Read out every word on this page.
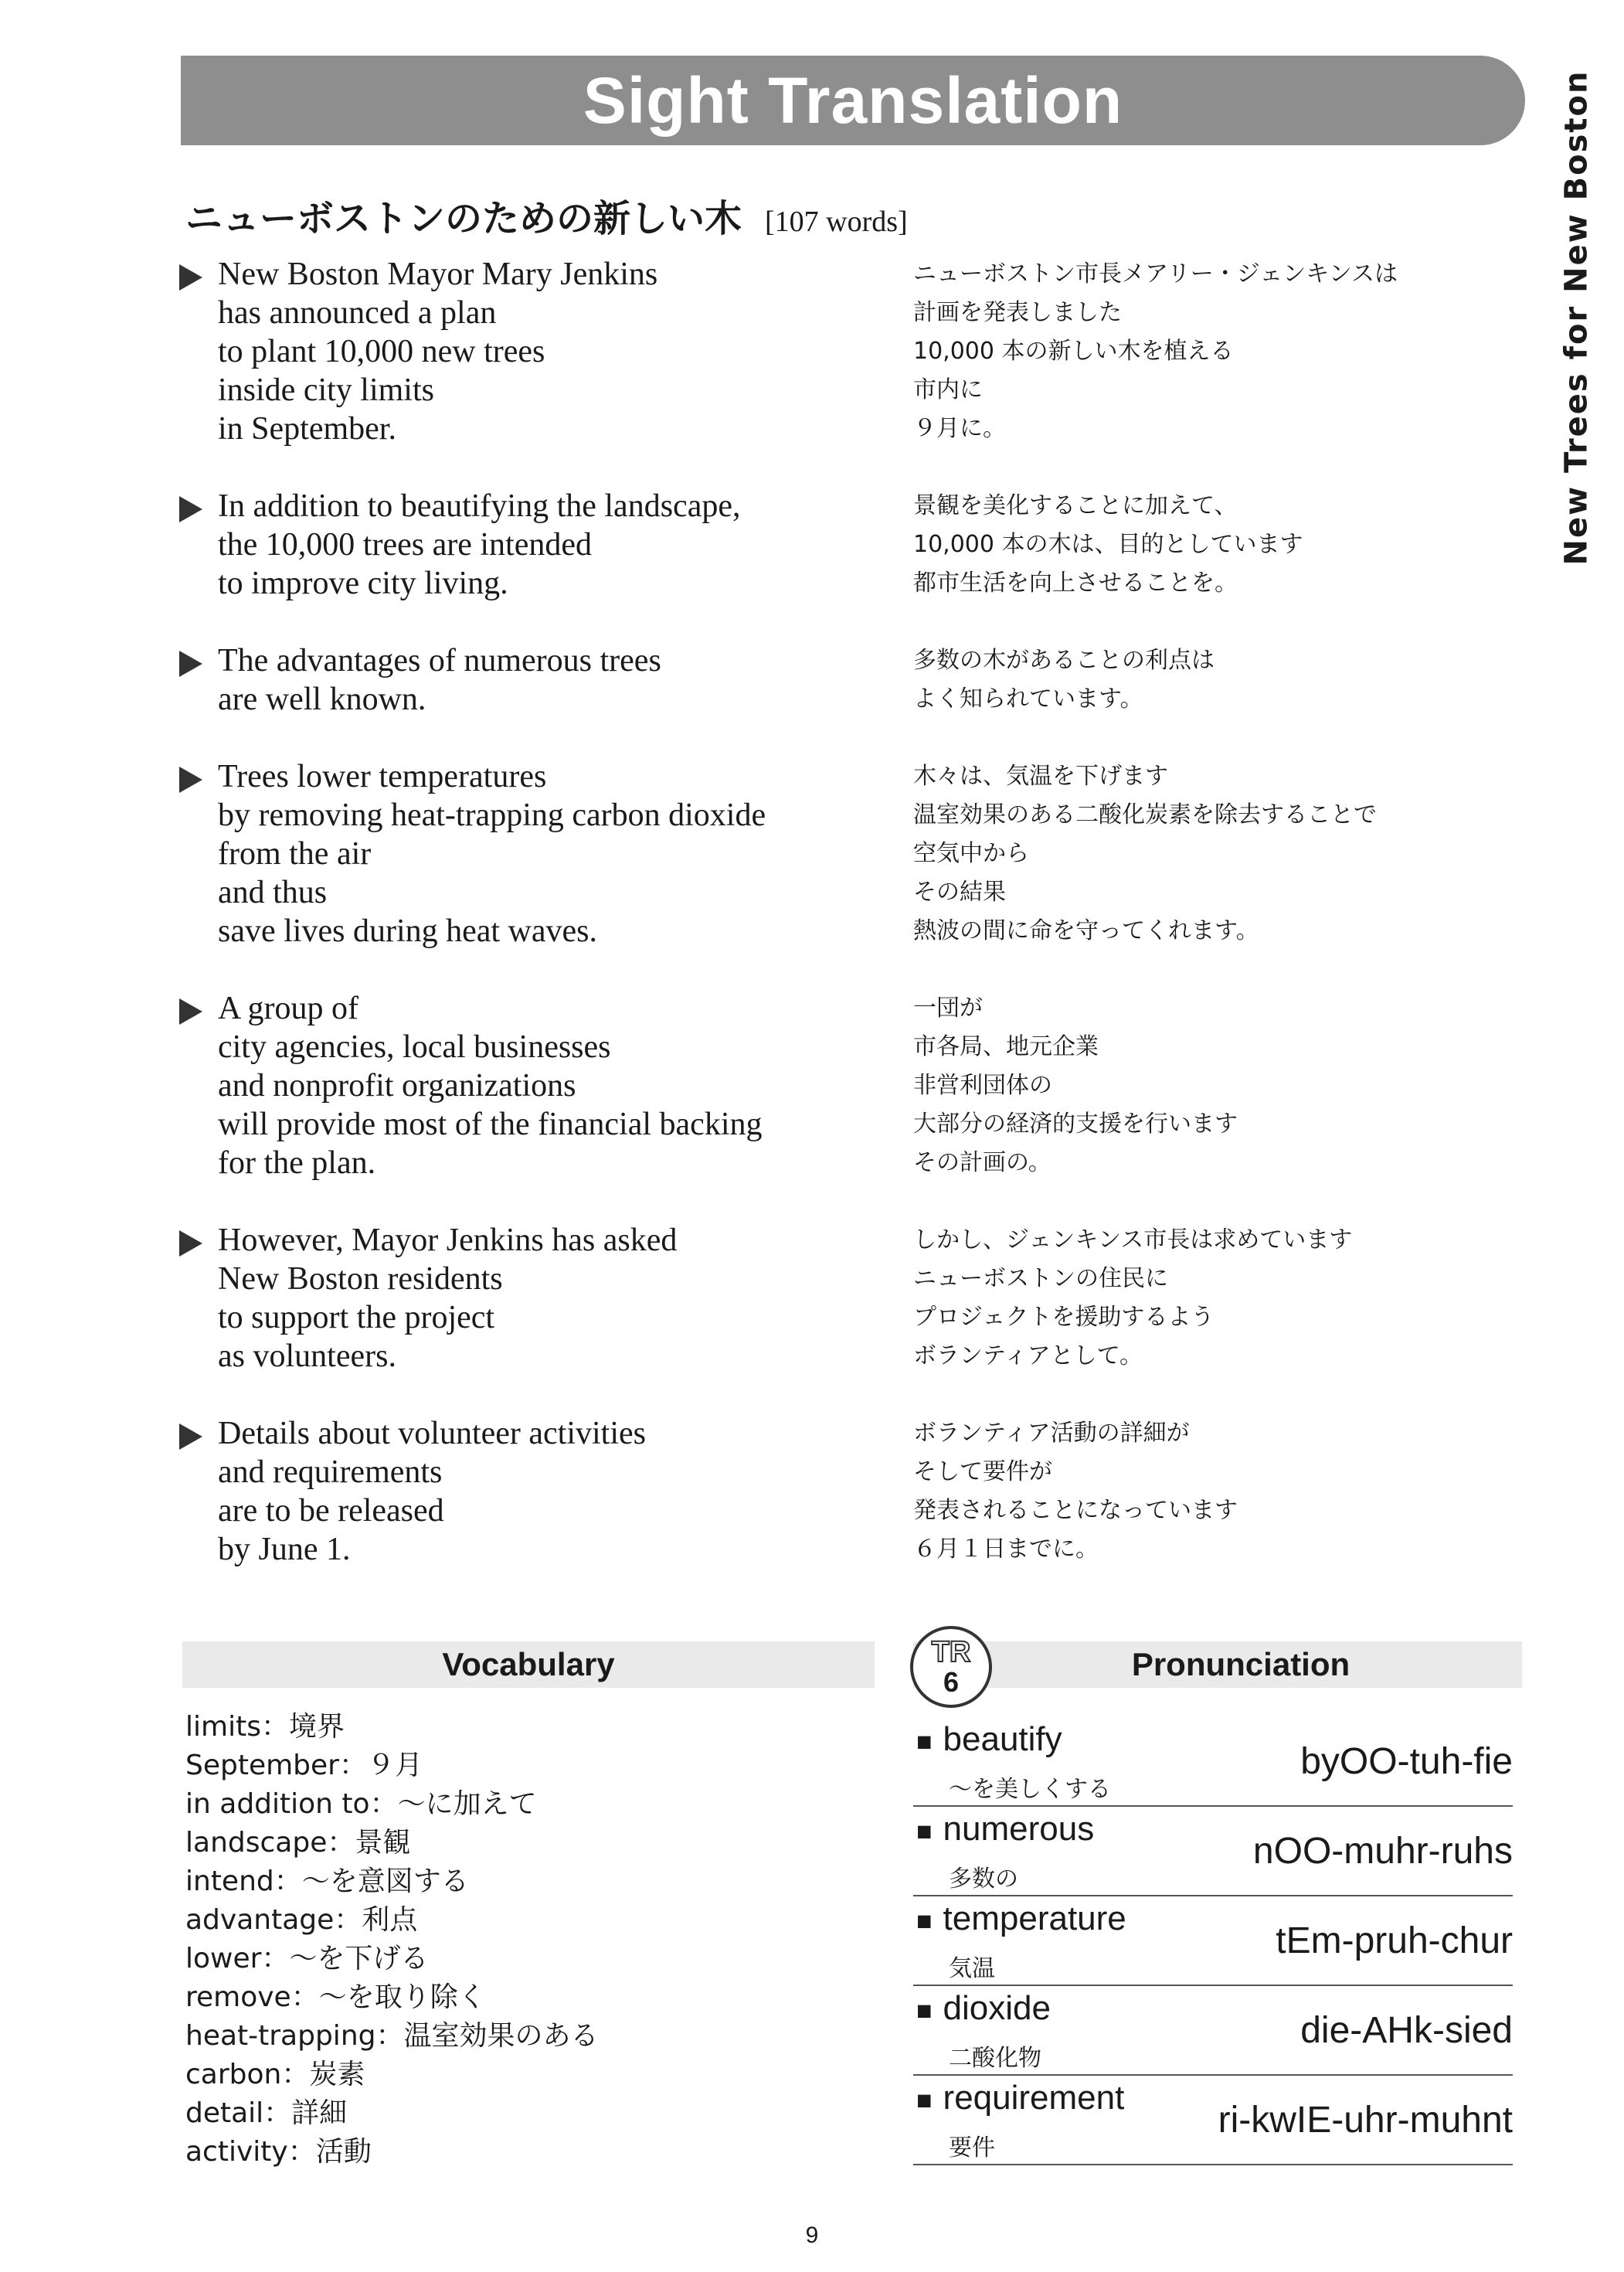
Sight Translation	New Trees for New Boston
ニューボストンのための新しい木 [107 words]
New Boston Mayor Mary Jenkins
has announced a plan
to plant 10,000 new trees
inside city limits
in September.
ニューボストン市長メアリー・ジェンキンスは
計画を発表しました
10,000 本の新しい木を植える
市内に
９月に。
In addition to beautifying the landscape,
the 10,000 trees are intended
to improve city living.
景観を美化することに加えて、
10,000 本の木は、目的としています
都市生活を向上させることを。
The advantages of numerous trees
are well known.
多数の木があることの利点は
よく知られています。
Trees lower temperatures
by removing heat-trapping carbon dioxide
from the air
and thus
save lives during heat waves.
木々は、気温を下げます
温室効果のある二酸化炭素を除去することで
空気中から
その結果
熱波の間に命を守ってくれます。
A group of
city agencies, local businesses
and nonprofit organizations
will provide most of the financial backing
for the plan.
一団が
市各局、地元企業
非営利団体の
大部分の経済的支援を行います
その計画の。
However, Mayor Jenkins has asked
New Boston residents
to support the project
as volunteers.
しかし、ジェンキンス市長は求めています
ニューボストンの住民に
プロジェクトを援助するよう
ボランティアとして。
Details about volunteer activities
and requirements
are to be released
by June 1.
ボランティア活動の詳細が
そして要件が
発表されることになっています
６月１日までに。
Vocabulary
limits：境界
September：９月
in addition to：〜に加えて
landscape：景観
intend：〜を意図する
advantage：利点
lower：〜を下げる
remove：〜を取り除く
heat-trapping：温室効果のある
carbon：炭素
detail：詳細
activity：活動
Pronunciation
TR
6
■ beautify
〜を美しくする
byOO-tuh-fie
■ numerous
多数の
nOO-muhr-ruhs
■ temperature
気温
tEm-pruh-chur
■ dioxide
二酸化物
die-AHk-sied
■ requirement
要件
ri-kwIE-uhr-muhnt
9
